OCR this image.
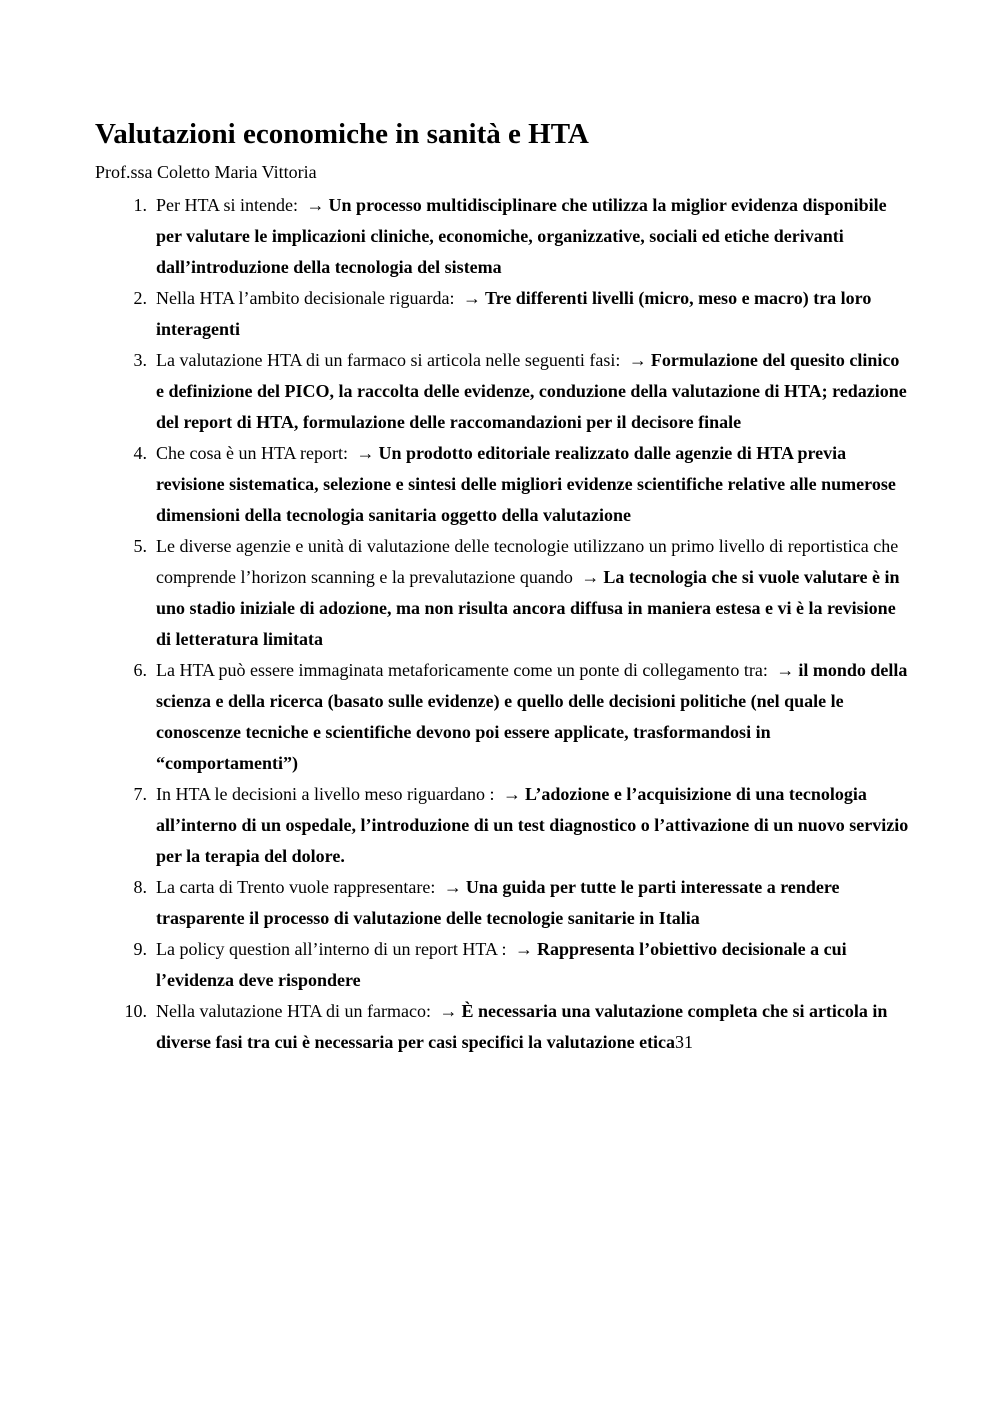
Valutazioni economiche in sanità e HTA

Prof.ssa Coletto Maria Vittoria

1. Per HTA si intende: → Un processo multidisciplinare che utilizza la miglior evidenza disponibile per valutare le implicazioni cliniche, economiche, organizzative, sociali ed etiche derivanti dall’introduzione della tecnologia del sistema
2. Nella HTA l’ambito decisionale riguarda: → Tre differenti livelli (micro, meso e macro) tra loro interagenti
3. La valutazione HTA di un farmaco si articola nelle seguenti fasi: → Formulazione del quesito clinico e definizione del PICO, la raccolta delle evidenze, conduzione della valutazione di HTA; redazione del report di HTA, formulazione delle raccomandazioni per il decisore finale
4. Che cosa è un HTA report: → Un prodotto editoriale realizzato dalle agenzie di HTA previa revisione sistematica, selezione e sintesi delle migliori evidenze scientifiche relative alle numerose dimensioni della tecnologia sanitaria oggetto della valutazione
5. Le diverse agenzie e unità di valutazione delle tecnologie utilizzano un primo livello di reportistica che comprende l’horizon scanning e la prevalutazione quando → La tecnologia che si vuole valutare è in uno stadio iniziale di adozione, ma non risulta ancora diffusa in maniera estesa e vi è la revisione di letteratura limitata
6. La HTA può essere immaginata metaforicamente come un ponte di collegamento tra: → il mondo della scienza e della ricerca (basato sulle evidenze) e quello delle decisioni politiche (nel quale le conoscenze tecniche e scientifiche devono poi essere applicate, trasformandosi in “comportamenti”)
7. In HTA le decisioni a livello meso riguardano : → L’adozione e l’acquisizione di una tecnologia all’interno di un ospedale, l’introduzione di un test diagnostico o l’attivazione di un nuovo servizio per la terapia del dolore.
8. La carta di Trento vuole rappresentare: → Una guida per tutte le parti interessate a rendere trasparente il processo di valutazione delle tecnologie sanitarie in Italia
9. La policy question all’interno di un report HTA : → Rappresenta l’obiettivo decisionale a cui l’evidenza deve rispondere
10. Nella valutazione HTA di un farmaco: → È necessaria una valutazione completa che si articola in diverse fasi tra cui è necessaria per casi specifici la valutazione etica31
